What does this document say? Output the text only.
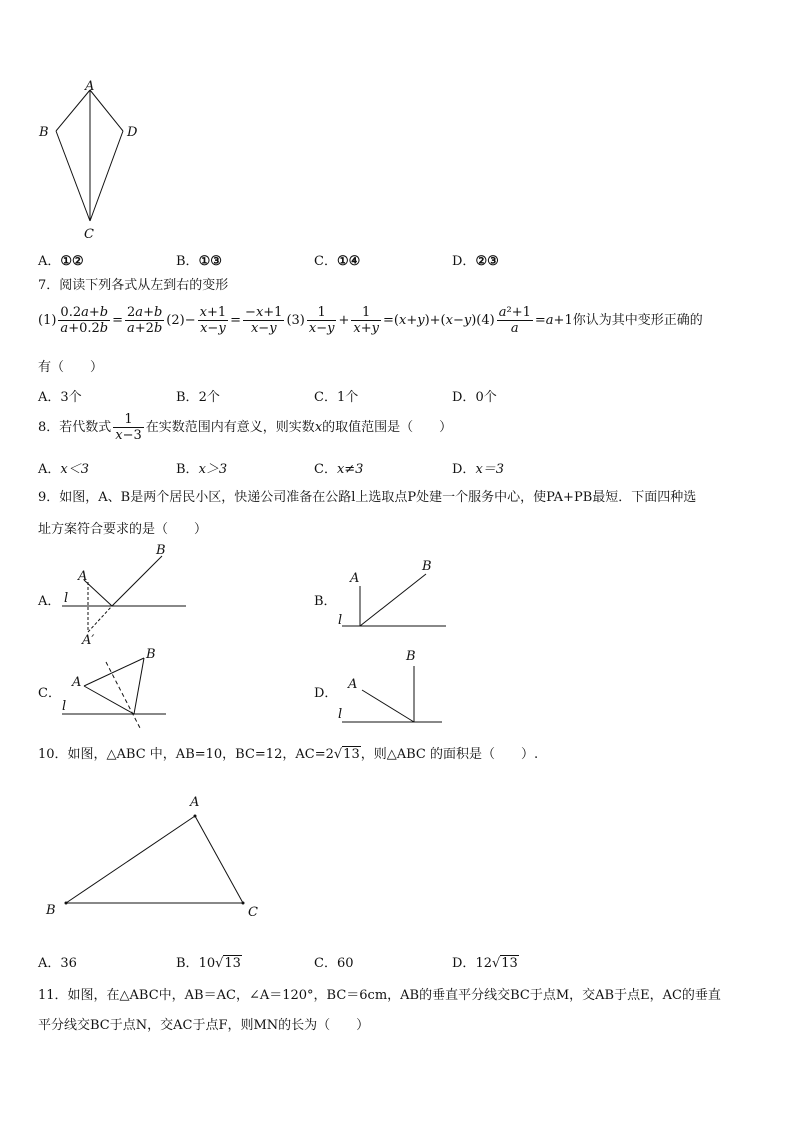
A
B	D
C
A．①②	B．①③	C．①④	D．②③
7．阅读下列各式从左到右的变形
$(1) \frac{0.2a+b}{a+0.2b} = \frac{2a+b}{a+2b} (2)- \frac{x+1}{x-y} = \frac{-x+1}{x-y} (3) \frac{1}{x-y} + \frac{1}{x+y} =(x+y)+(x-y)(4) \frac{\text{a²+1}}{a} =a+1$你认为其中变形正确的
有（　　）
A．3个	B．2个	C．1个	D．0个
8．若代数式 $\frac{1}{x-3}$ 在实数范围内有意义，则实数x的取值范围是（　　）
A．x＜3	B．x＞3	C．x≠3	D．x＝3
9．如图，A、B是两个居民小区，快递公司准备在公路l上选取点P处建一个服务中心，使PA+PB最短．下面四种选
址方案符合要求的是（　　）
A．
B
A
l
A′
B．
B
A
l
C．
B
A
l
D．
B
A
l
10．如图，△ABC 中，AB=10，BC=12，AC=2√13，则△ABC 的面积是（　　）.
A
B	C
A．36	B．10√13	C．60	D．12√13
11．如图，在△ABC中，AB＝AC，∠A＝120°，BC＝6cm，AB的垂直平分线交BC于点M，交AB于点E，AC的垂直
平分线交BC于点N，交AC于点F，则MN的长为（　　）
